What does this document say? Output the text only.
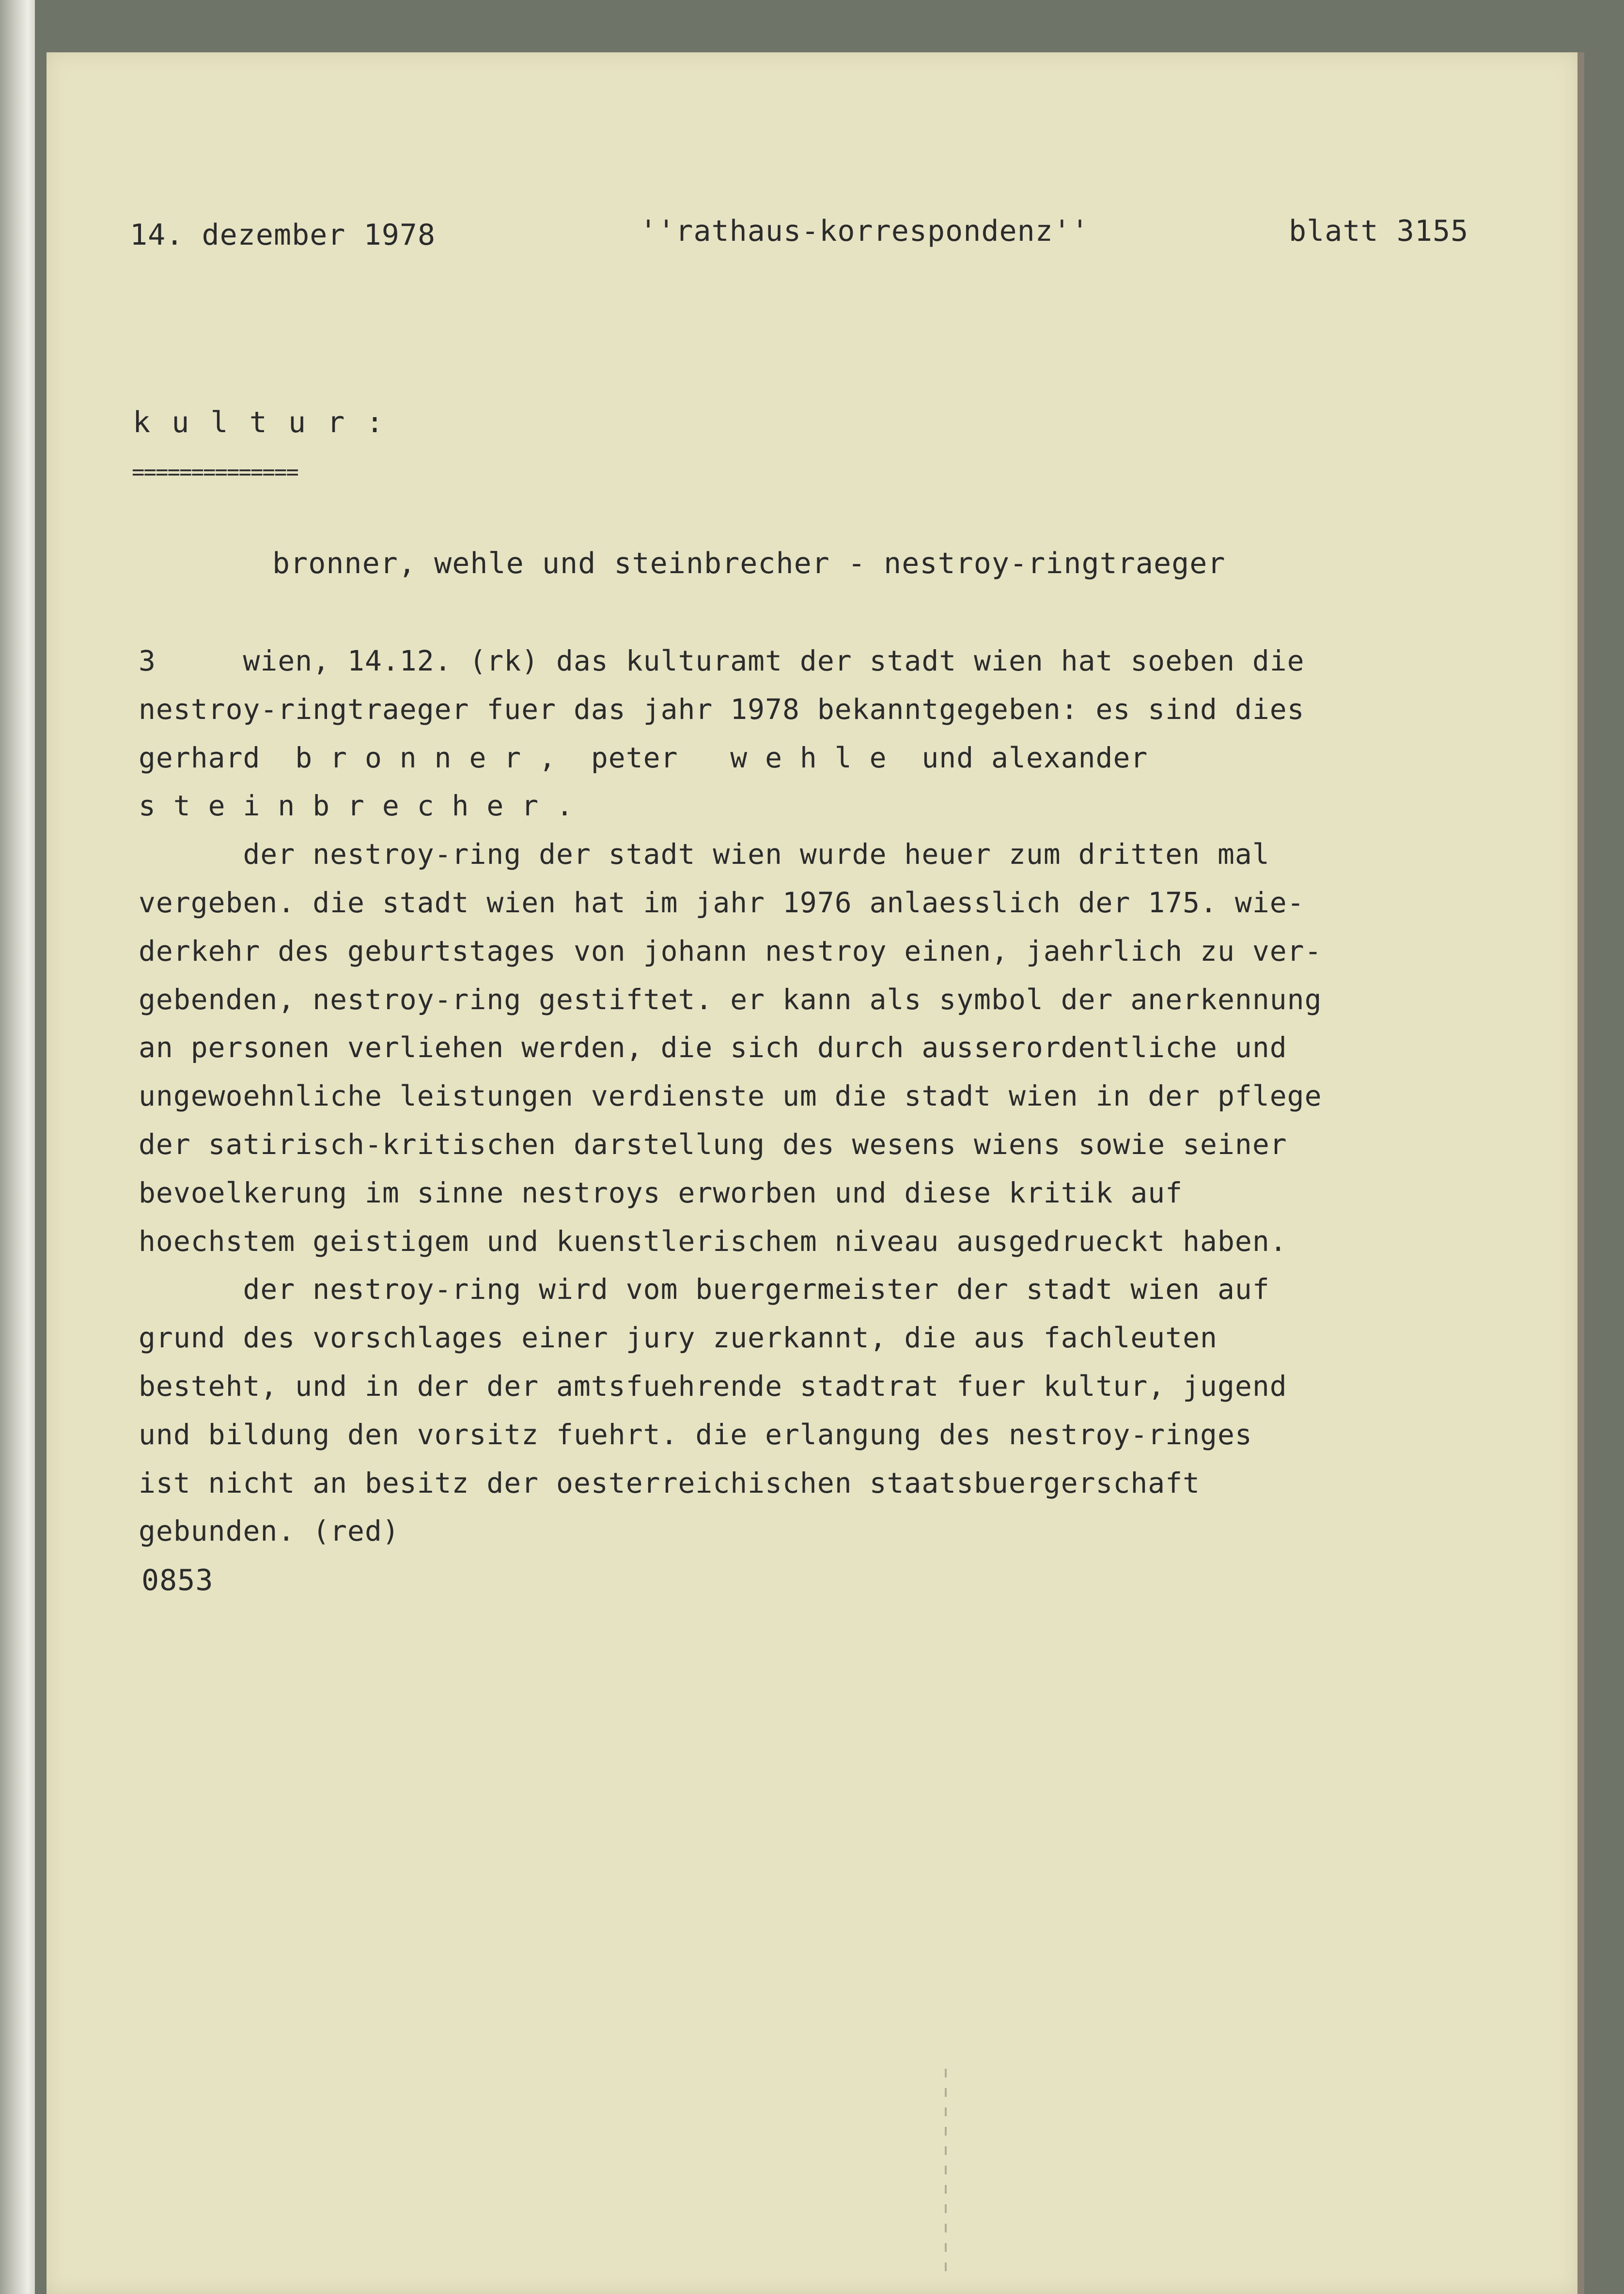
14. dezember 1978	''rathaus-korrespondenz''	blatt 3155
k u l t u r :
==============
bronner, wehle und steinbrecher - nestroy-ringtraeger
3     wien, 14.12. (rk) das kulturamt der stadt wien hat soeben die
nestroy-ringtraeger fuer das jahr 1978 bekanntgegeben: es sind dies
gerhard  b r o n n e r ,  peter   w e h l e  und alexander
s t e i n b r e c h e r .
der nestroy-ring der stadt wien wurde heuer zum dritten mal
vergeben. die stadt wien hat im jahr 1976 anlaesslich der 175. wie-
derkehr des geburtstages von johann nestroy einen, jaehrlich zu ver-
gebenden, nestroy-ring gestiftet. er kann als symbol der anerkennung
an personen verliehen werden, die sich durch ausserordentliche und
ungewoehnliche leistungen verdienste um die stadt wien in der pflege
der satirisch-kritischen darstellung des wesens wiens sowie seiner
bevoelkerung im sinne nestroys erworben und diese kritik auf
hoechstem geistigem und kuenstlerischem niveau ausgedrueckt haben.
der nestroy-ring wird vom buergermeister der stadt wien auf
grund des vorschlages einer jury zuerkannt, die aus fachleuten
besteht, und in der der amtsfuehrende stadtrat fuer kultur, jugend
und bildung den vorsitz fuehrt. die erlangung des nestroy-ringes
ist nicht an besitz der oesterreichischen staatsbuergerschaft
gebunden. (red)
0853
